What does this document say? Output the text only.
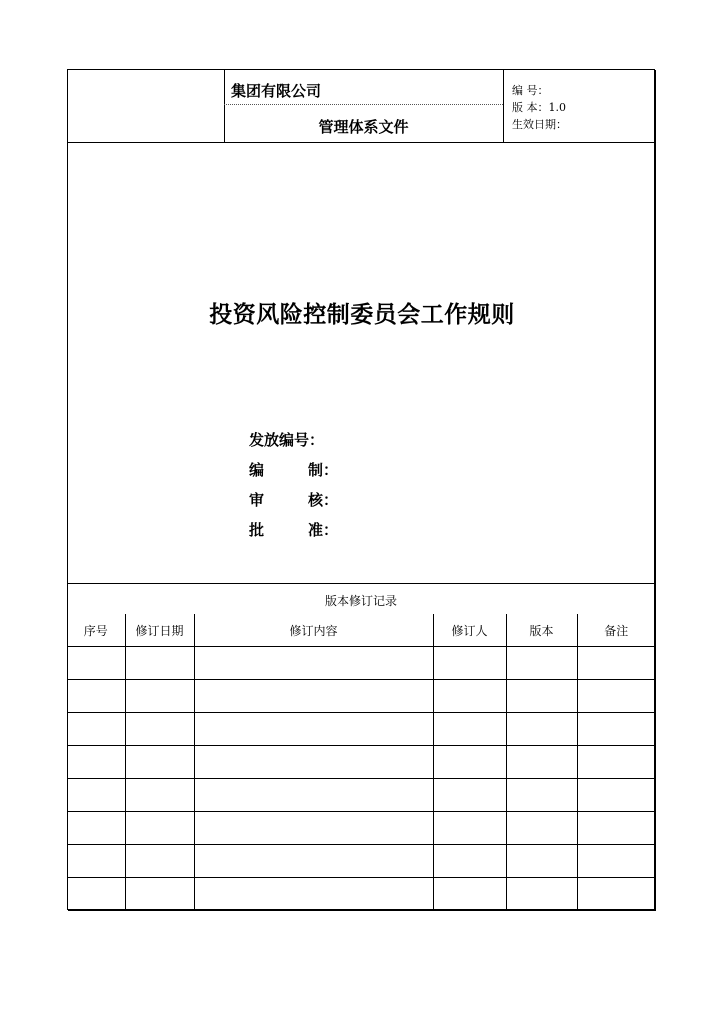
集团有限公司
管理体系文件
编 号：
版 本：1.0
生效日期：
投资风险控制委员会工作规则
发放编号：
编制：
审核：
批准：
版本修订记录
序号	修订日期	修订内容	修订人	版本	备注
